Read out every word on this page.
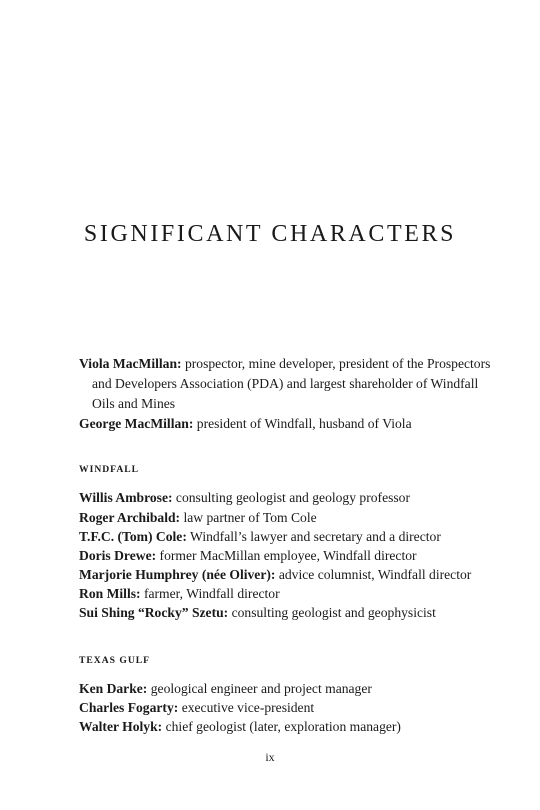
SIGNIFICANT CHARACTERS
Viola MacMillan: prospector, mine developer, president of the Prospectors and Developers Association (PDA) and largest shareholder of Windfall Oils and Mines
George MacMillan: president of Windfall, husband of Viola
WINDFALL
Willis Ambrose: consulting geologist and geology professor
Roger Archibald: law partner of Tom Cole
T.F.C. (Tom) Cole: Windfall’s lawyer and secretary and a director
Doris Drewe: former MacMillan employee, Windfall director
Marjorie Humphrey (née Oliver): advice columnist, Windfall director
Ron Mills: farmer, Windfall director
Sui Shing “Rocky” Szetu: consulting geologist and geophysicist
TEXAS GULF
Ken Darke: geological engineer and project manager
Charles Fogarty: executive vice-president
Walter Holyk: chief geologist (later, exploration manager)
ix
